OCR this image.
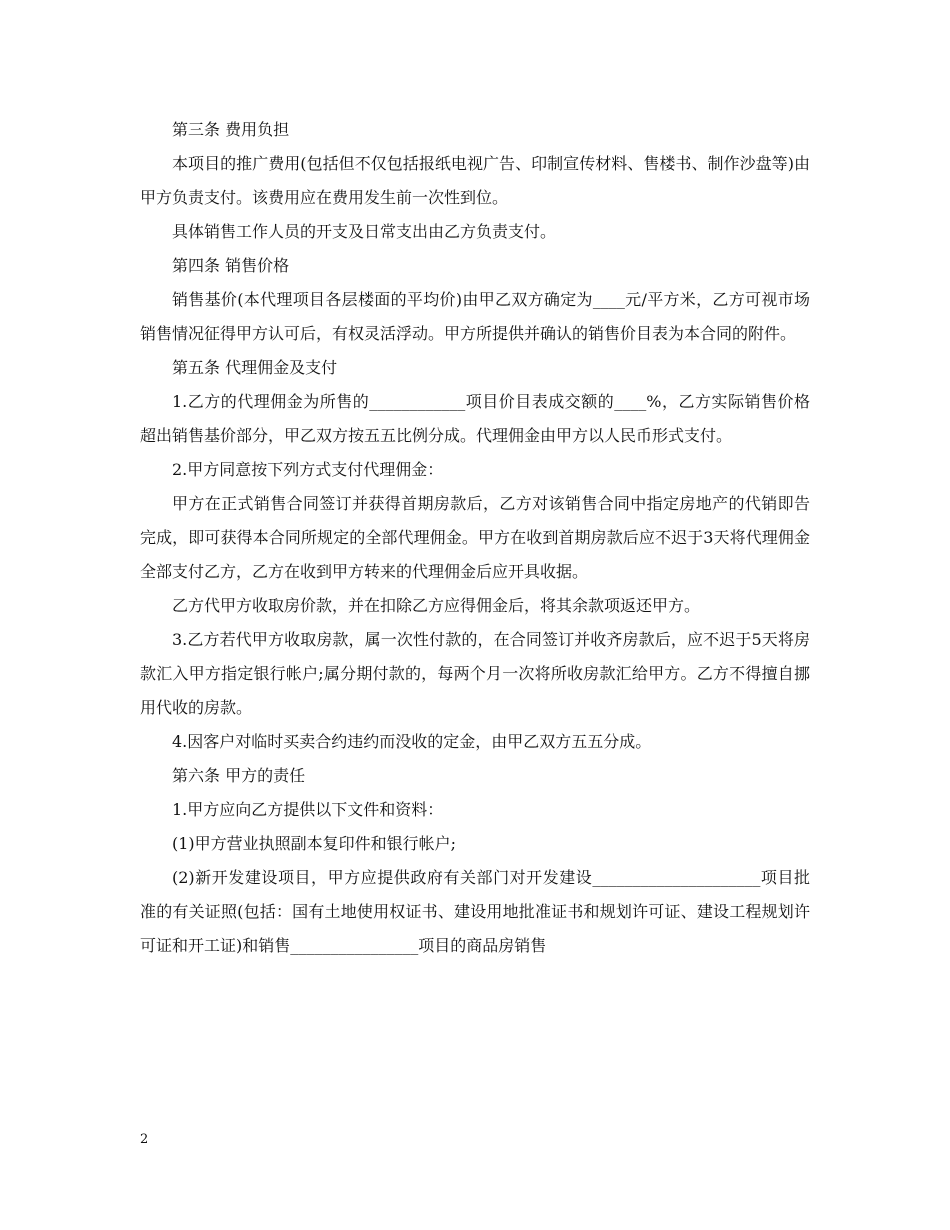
第三条 费用负担

本项目的推广费用(包括但不仅包括报纸电视广告、印制宣传材料、售楼书、制作沙盘等)由甲方负责支付。该费用应在费用发生前一次性到位。

具体销售工作人员的开支及日常支出由乙方负责支付。

第四条 销售价格

销售基价(本代理项目各层楼面的平均价)由甲乙双方确定为____元/平方米，乙方可视市场销售情况征得甲方认可后，有权灵活浮动。甲方所提供并确认的销售价目表为本合同的附件。

第五条 代理佣金及支付

1.乙方的代理佣金为所售的____________项目价目表成交额的____%，乙方实际销售价格超出销售基价部分，甲乙双方按五五比例分成。代理佣金由甲方以人民币形式支付。

2.甲方同意按下列方式支付代理佣金：

甲方在正式销售合同签订并获得首期房款后，乙方对该销售合同中指定房地产的代销即告完成，即可获得本合同所规定的全部代理佣金。甲方在收到首期房款后应不迟于3天将代理佣金全部支付乙方，乙方在收到甲方转来的代理佣金后应开具收据。

乙方代甲方收取房价款，并在扣除乙方应得佣金后，将其余款项返还甲方。

3.乙方若代甲方收取房款，属一次性付款的，在合同签订并收齐房款后，应不迟于5天将房款汇入甲方指定银行帐户;属分期付款的，每两个月一次将所收房款汇给甲方。乙方不得擅自挪用代收的房款。

4.因客户对临时买卖合约违约而没收的定金，由甲乙双方五五分成。

第六条 甲方的责任

1.甲方应向乙方提供以下文件和资料：

(1)甲方营业执照副本复印件和银行帐户;

(2)新开发建设项目，甲方应提供政府有关部门对开发建设_____________________项目批准的有关证照(包括：国有土地使用权证书、建设用地批准证书和规划许可证、建设工程规划许可证和开工证)和销售________________项目的商品房销售

2
